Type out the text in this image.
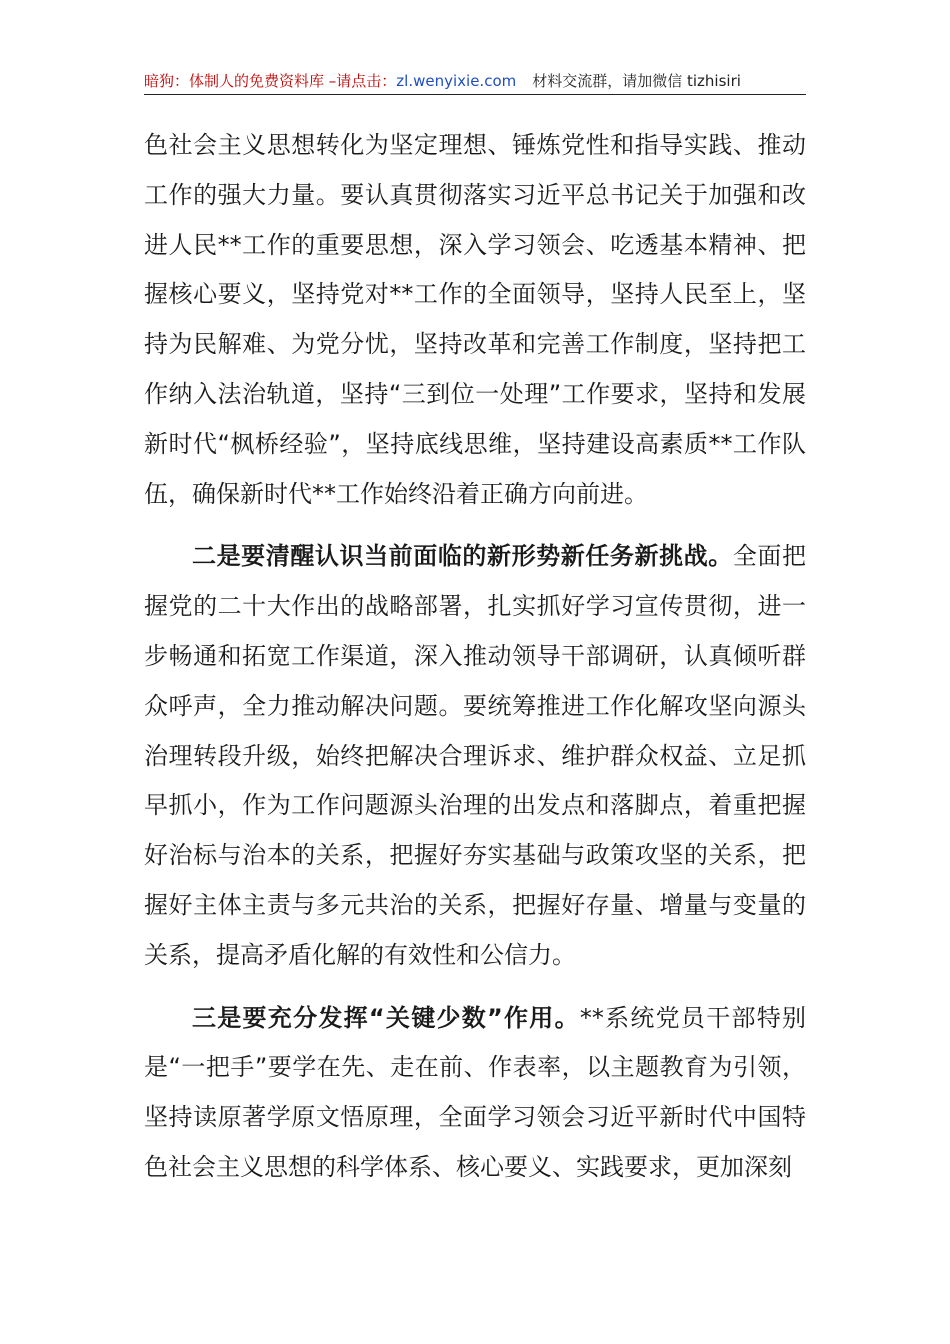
暗狗：体制人的免费资料库 –请点击：zl.wenyixie.com 材料交流群，请加微信 tizhisiri

色社会主义思想转化为坚定理想、锤炼党性和指导实践、推动工作的强大力量。要认真贯彻落实习近平总书记关于加强和改进人民**工作的重要思想，深入学习领会、吃透基本精神、把握核心要义，坚持党对**工作的全面领导，坚持人民至上，坚持为民解难、为党分忧，坚持改革和完善工作制度，坚持把工作纳入法治轨道，坚持“三到位一处理”工作要求，坚持和发展新时代“枫桥经验”，坚持底线思维，坚持建设高素质**工作队伍，确保新时代**工作始终沿着正确方向前进。

二是要清醒认识当前面临的新形势新任务新挑战。全面把握党的二十大作出的战略部署，扎实抓好学习宣传贯彻，进一步畅通和拓宽工作渠道，深入推动领导干部调研，认真倾听群众呼声，全力推动解决问题。要统筹推进工作化解攻坚向源头治理转段升级，始终把解决合理诉求、维护群众权益、立足抓早抓小，作为工作问题源头治理的出发点和落脚点，着重把握好治标与治本的关系，把握好夯实基础与政策攻坚的关系，把握好主体主责与多元共治的关系，把握好存量、增量与变量的关系，提高矛盾化解的有效性和公信力。

三是要充分发挥“关键少数”作用。**系统党员干部特别是“一把手”要学在先、走在前、作表率，以主题教育为引领，坚持读原著学原文悟原理，全面学习领会习近平新时代中国特色社会主义思想的科学体系、核心要义、实践要求，更加深刻
